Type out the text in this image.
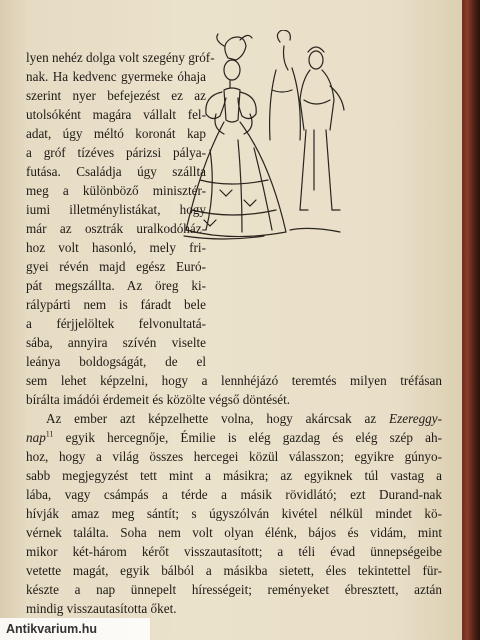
lyen nehéz dolga volt szegény gróf-
nak. Ha kedvenc gyermeke óhaja
szerint nyer befejezést ez az
utolsóként magára vállalt fel-
adat, úgy méltó koronát kap
a gróf tízéves párizsi pálya-
futása. Családja úgy szállta
meg a különböző minisztér-
iumi illetménylistákat, hogy
már az osztrák uralkodóház-
hoz volt hasonló, mely fri-
gyei révén majd egész Euró-
pát megszállta. Az öreg ki-
rálypárti nem is fáradt bele
a férjjelöltek felvonultatá-
sába, annyira szívén viselte
leánya boldogságát, de el
sem lehet képzelni, hogy a lennhéjázó teremtés milyen tréfásan
bírálta imádói érdemeit és közölte végső döntését.
Az ember azt képzelhette volna, hogy akárcsak az Ezereggy-
nap$^{11}$ egyik hercegnője, Émilie is elég gazdag és elég szép ah-
hoz, hogy a világ összes hercegei közül válasszon; egyikre gúnyo-
sabb megjegyzést tett mint a másikra; az egyiknek túl vastag a
lába, vagy csámpás a térde a másik rövidlátó; ezt Durand-nak
hívják amaz meg sántít; s úgyszólván kivétel nélkül mindet kö-
vérnek találta. Soha nem volt olyan élénk, bájos és vidám, mint
mikor két-három kérőt visszautasított; a téli évad ünnepségeibe
vetette magát, egyik bálból a másikba sietett, éles tekintettel für-
készte a nap ünnepelt hírességeit; reményeket ébresztett, aztán
mindig visszautasította őket.
Antikvarium.hu
